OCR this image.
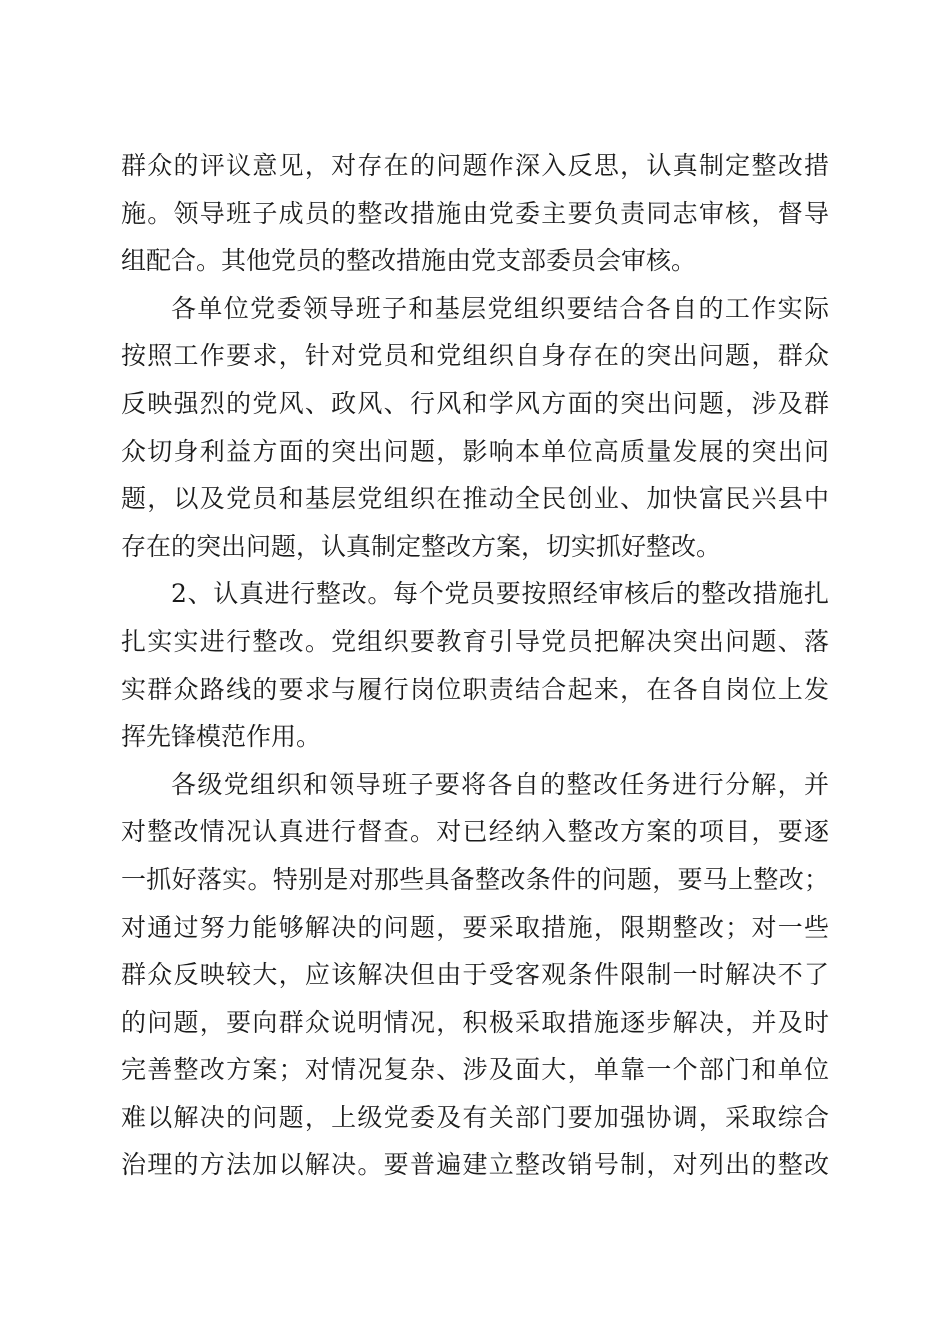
群众的评议意见，对存在的问题作深入反思，认真制定整改措
施。领导班子成员的整改措施由党委主要负责同志审核，督导
组配合。其他党员的整改措施由党支部委员会审核。
各单位党委领导班子和基层党组织要结合各自的工作实际
按照工作要求，针对党员和党组织自身存在的突出问题，群众
反映强烈的党风、政风、行风和学风方面的突出问题，涉及群
众切身利益方面的突出问题，影响本单位高质量发展的突出问
题，以及党员和基层党组织在推动全民创业、加快富民兴县中
存在的突出问题，认真制定整改方案，切实抓好整改。
2、认真进行整改。每个党员要按照经审核后的整改措施扎
扎实实进行整改。党组织要教育引导党员把解决突出问题、落
实群众路线的要求与履行岗位职责结合起来，在各自岗位上发
挥先锋模范作用。
各级党组织和领导班子要将各自的整改任务进行分解，并
对整改情况认真进行督查。对已经纳入整改方案的项目，要逐
一抓好落实。特别是对那些具备整改条件的问题，要马上整改；
对通过努力能够解决的问题，要采取措施，限期整改；对一些
群众反映较大，应该解决但由于受客观条件限制一时解决不了
的问题，要向群众说明情况，积极采取措施逐步解决，并及时
完善整改方案；对情况复杂、涉及面大，单靠一个部门和单位
难以解决的问题，上级党委及有关部门要加强协调，采取综合
治理的方法加以解决。要普遍建立整改销号制，对列出的整改
